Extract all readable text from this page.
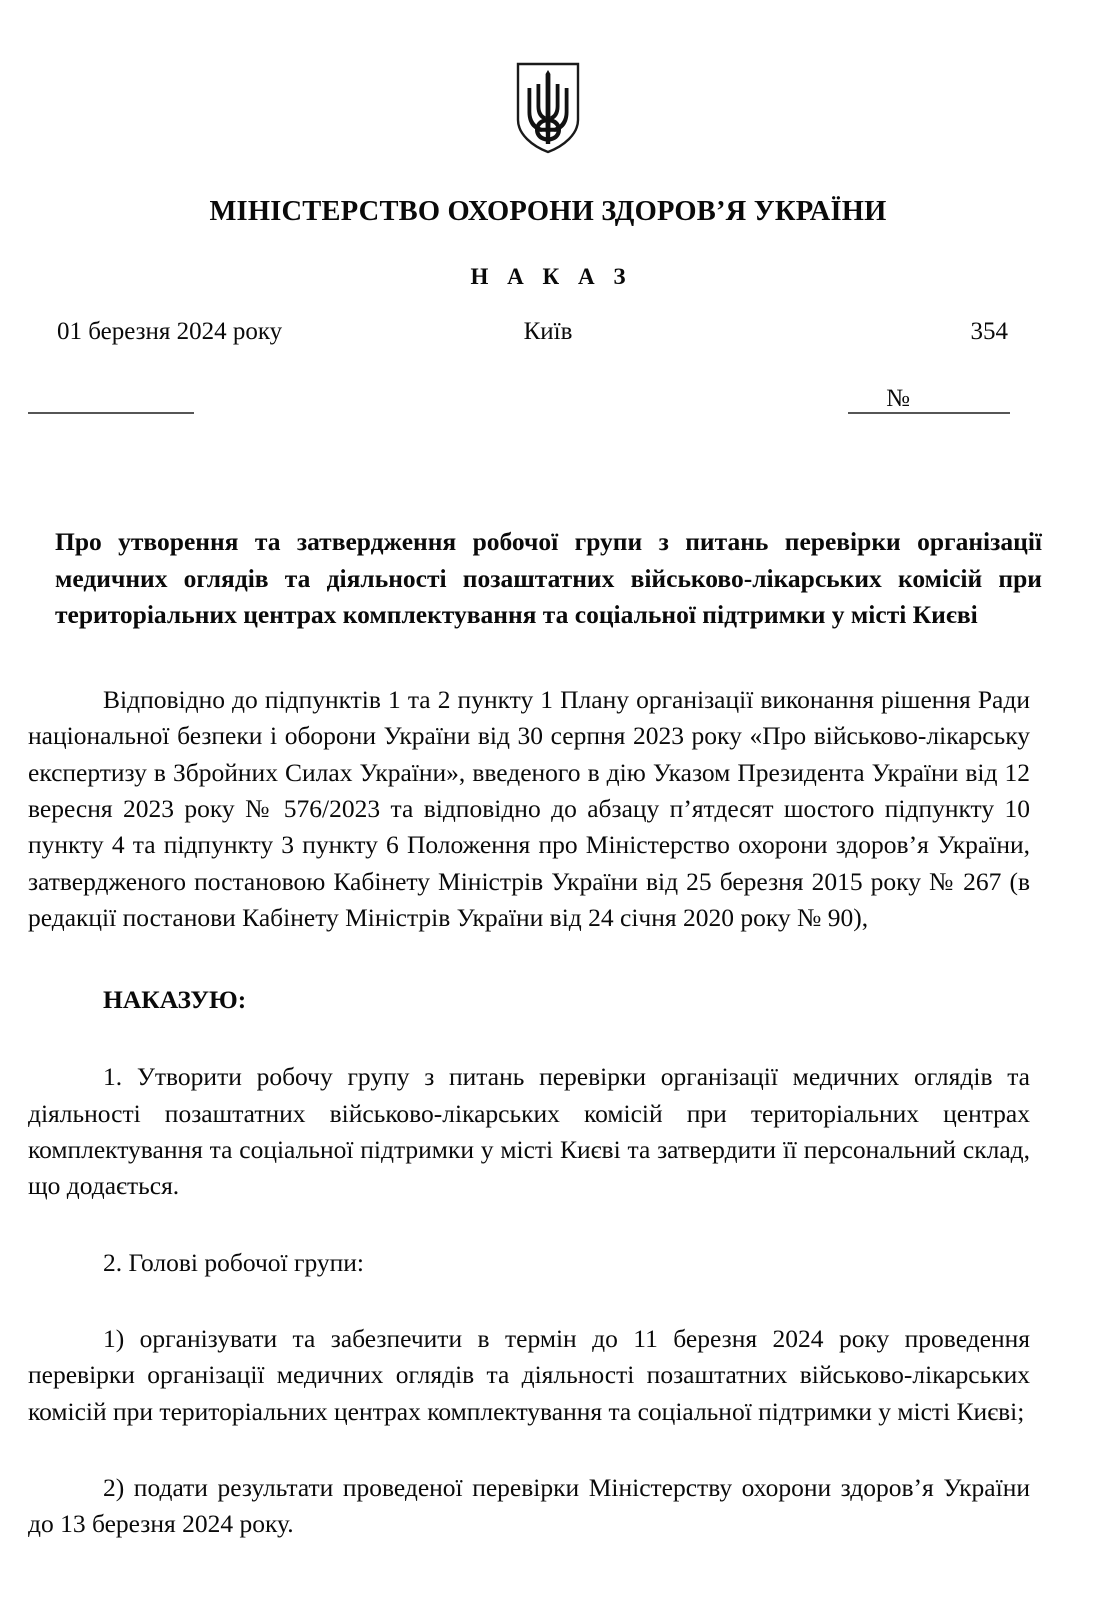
МІНІСТЕРСТВО ОХОРОНИ ЗДОРОВ’Я УКРАЇНИ
Н А К А З
01 березня 2024 року	Київ	354
№
Про утворення та затвердження робочої групи з питань перевірки організації медичних оглядів та діяльності позаштатних військово-лікарських комісій при територіальних центрах комплектування та соціальної підтримки у місті Києві

Відповідно до підпунктів 1 та 2 пункту 1 Плану організації виконання рішення Ради національної безпеки і оборони України від 30 серпня 2023 року «Про військово-лікарську експертизу в Збройних Силах України», введеного в дію Указом Президента України від 12 вересня 2023 року № 576/2023 та відповідно до абзацу п’ятдесят шостого підпункту 10 пункту 4 та підпункту 3 пункту 6 Положення про Міністерство охорони здоров’я України, затвердженого постановою Кабінету Міністрів України від 25 березня 2015 року № 267 (в редакції постанови Кабінету Міністрів України від 24 січня 2020 року № 90),

НАКАЗУЮ:

1. Утворити робочу групу з питань перевірки організації медичних оглядів та діяльності позаштатних військово-лікарських комісій при територіальних центрах комплектування та соціальної підтримки у місті Києві та затвердити її персональний склад, що додається.

2. Голові робочої групи:

1) організувати та забезпечити в термін до 11 березня 2024 року проведення перевірки організації медичних оглядів та діяльності позаштатних військово-лікарських комісій при територіальних центрах комплектування та соціальної підтримки у місті Києві;

2) подати результати проведеної перевірки Міністерству охорони здоров’я України до 13 березня 2024 року.
